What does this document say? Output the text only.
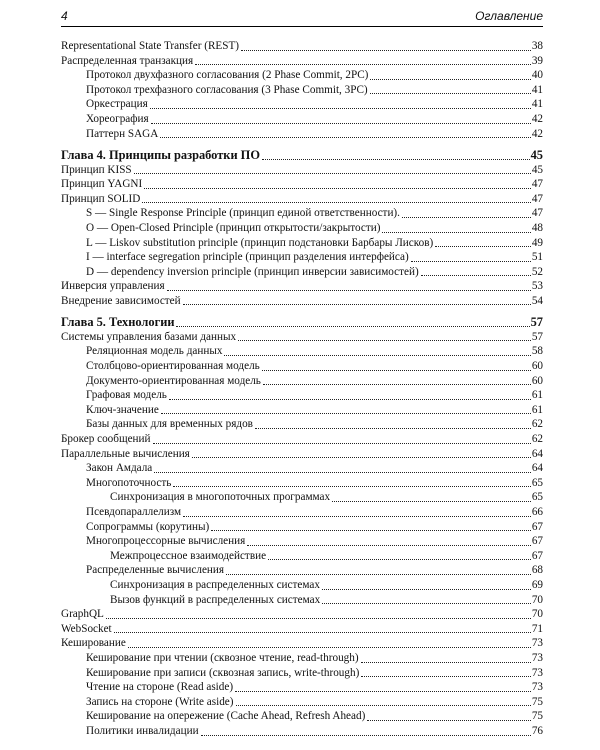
4	Оглавление
Representational State Transfer (REST)	38
Распределенная транзакция	39
Протокол двухфазного согласования (2 Phase Commit, 2PC)	40
Протокол трехфазного согласования (3 Phase Commit, 3PC)	41
Оркестрация	41
Хореография	42
Паттерн SAGA	42
Глава 4. Принципы разработки ПО	45
Принцип KISS	45
Принцип YAGNI	47
Принцип SOLID	47
S — Single Response Principle (принцип единой ответственности).	47
O — Open-Closed Principle (принцип открытости/закрытости)	48
L — Liskov substitution principle (принцип подстановки Барбары Лисков)	49
I — interface segregation principle (принцип разделения интерфейса)	51
D — dependency inversion principle (принцип инверсии зависимостей)	52
Инверсия управления	53
Внедрение зависимостей	54
Глава 5. Технологии	57
Системы управления базами данных	57
Реляционная модель данных	58
Столбцово-ориентированная модель	60
Документо-ориентированная модель	60
Графовая модель	61
Ключ-значение	61
Базы данных для временных рядов	62
Брокер сообщений	62
Параллельные вычисления	64
Закон Амдала	64
Многопоточность	65
Синхронизация в многопоточных программах	65
Псевдопараллелизм	66
Сопрограммы (корутины)	67
Многопроцессорные вычисления	67
Межпроцессное взаимодействие	67
Распределенные вычисления	68
Синхронизация в распределенных системах	69
Вызов функций в распределенных системах	70
GraphQL	70
WebSocket	71
Кеширование	73
Кеширование при чтении (сквозное чтение, read-through)	73
Кеширование при записи (сквозная запись, write-through)	73
Чтение на стороне (Read aside)	73
Запись на стороне (Write aside)	75
Кеширование на опережение (Cache Ahead, Refresh Ahead)	75
Политики инвалидации	76
